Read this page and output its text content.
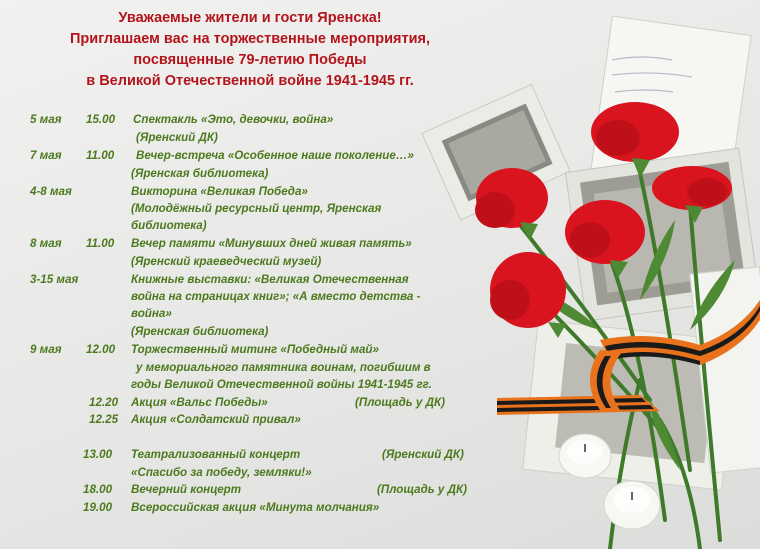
Уважаемые жители и гости Яренска!
Приглашаем вас на торжественные мероприятия,
посвященные 79-летию Победы
в Великой Отечественной войне 1941-1945 гг.
5 мая 15.00 Спектакль «Это, девочки, война»
(Яренский ДК)
7 мая 11.00 Вечер-встреча «Особенное наше поколение…»
(Яренская библиотека)
4-8 мая	Викторина «Великая Победа»
(Молодёжный ресурсный центр, Яренская
библиотека)
8 мая 11.00 Вечер памяти «Минувших дней живая память»
(Яренский краеведческий музей)
3-15 мая	Книжные выставки: «Великая Отечественная
война на страницах книг»; «А вместо детства -
война»
(Яренская библиотека)
9 мая 12.00 Торжественный митинг «Победный май»
у мемориального памятника воинам, погибшим в
годы Великой Отечественной войны 1941-1945 гг.
12.20 Акция «Вальс Победы»	(Площадь у ДК)
12.25 Акция «Солдатский привал»
13.00 Театрализованный концерт	(Яренский ДК)
«Спасибо за победу, земляки!»
18.00 Вечерний концерт	(Площадь у ДК)
19.00 Всероссийская акция «Минута молчания»
